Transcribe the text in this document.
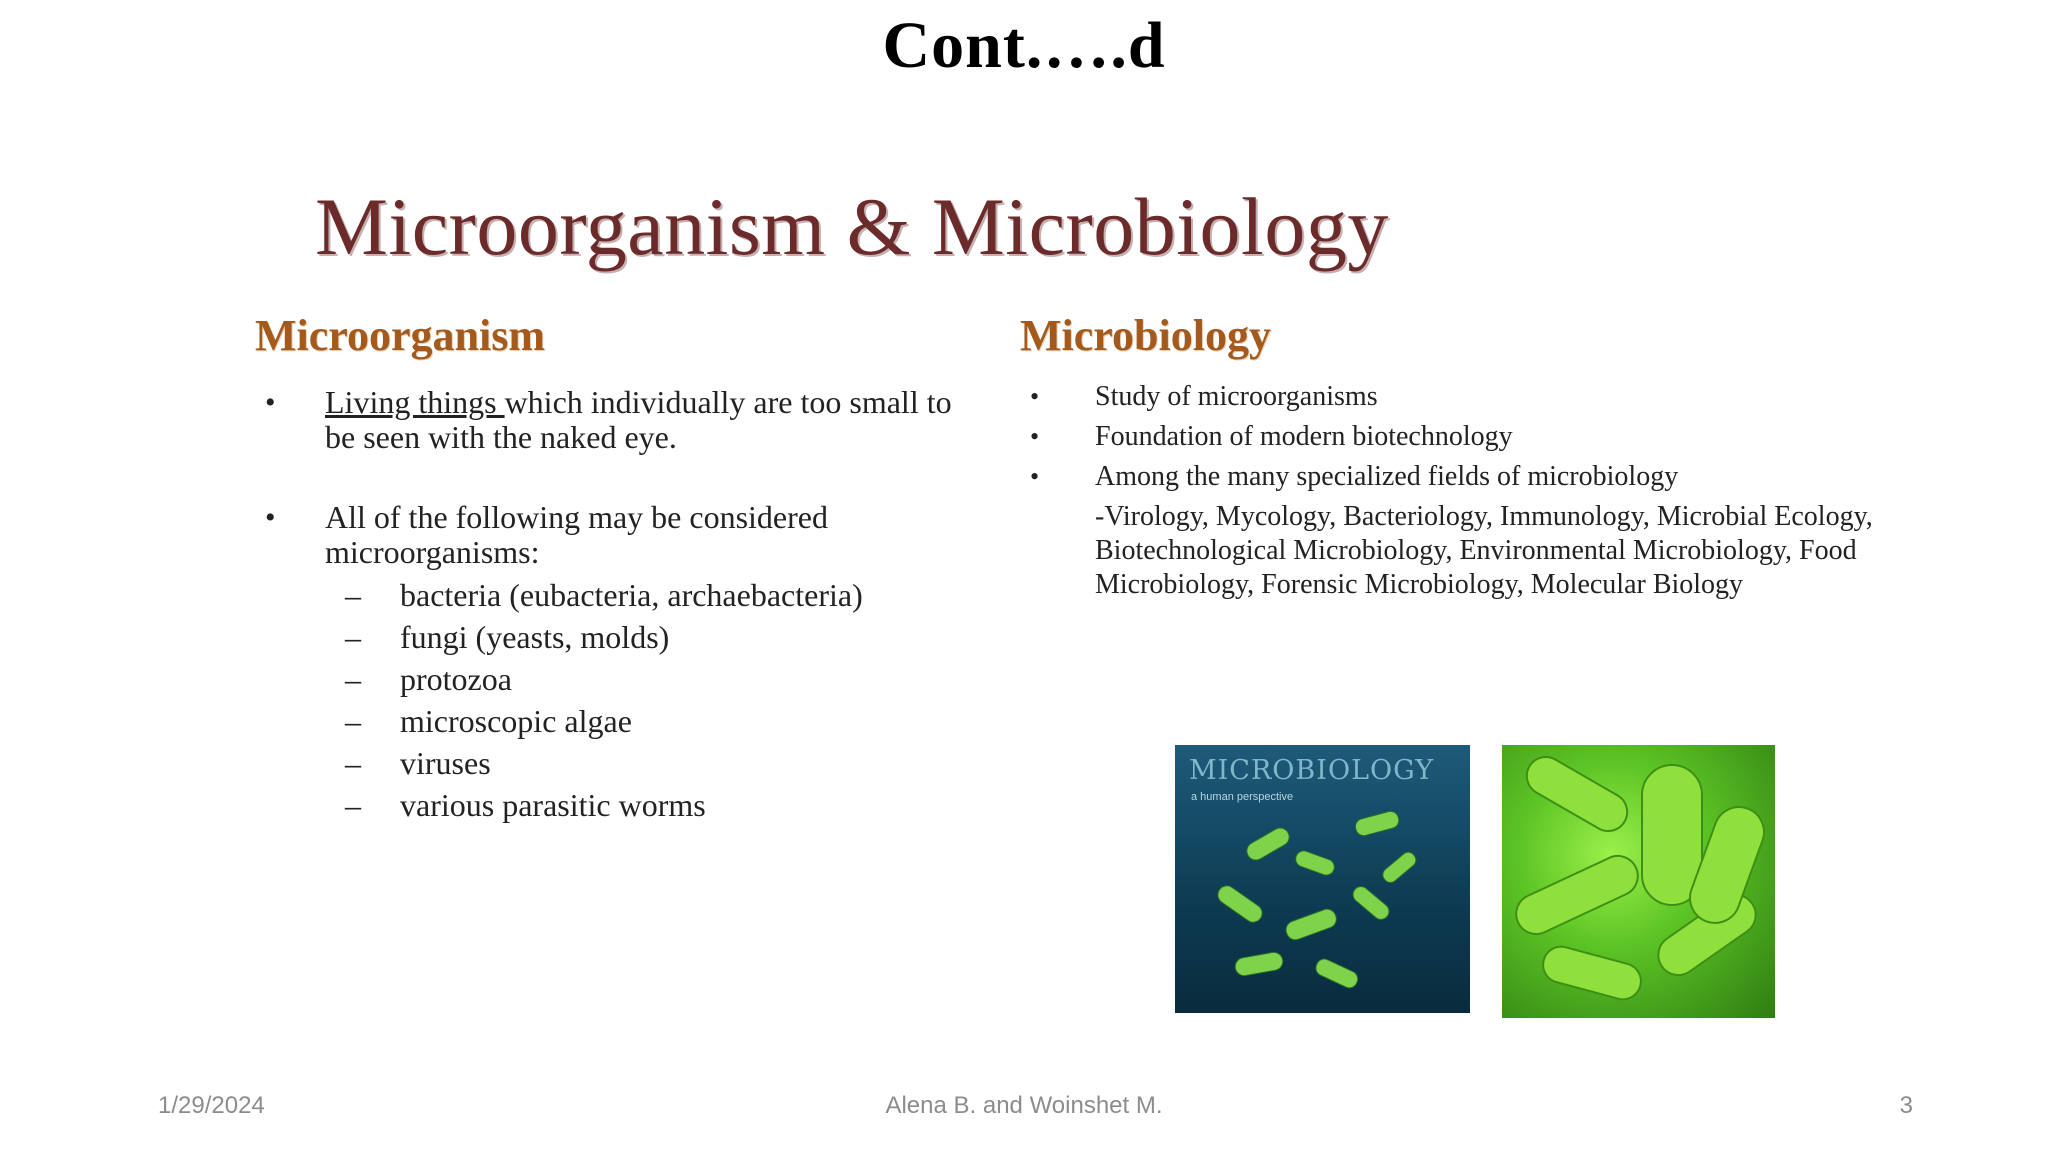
Cont.….d
Microorganism & Microbiology
Microorganism	Microbiology
• Living things which individually are too small to be seen with the naked eye.
• All of the following may be considered microorganisms:
– bacteria (eubacteria, archaebacteria)
– fungi (yeasts, molds)
– protozoa
– microscopic algae
– viruses
– various parasitic worms
• Study of microorganisms
• Foundation of modern biotechnology
• Among the many specialized fields of microbiology
-Virology, Mycology, Bacteriology, Immunology, Microbial Ecology, Biotechnological Microbiology, Environmental Microbiology, Food Microbiology, Forensic Microbiology, Molecular Biology
MICROBIOLOGY
a human perspective
1/29/2024	Alena B. and Woinshet M.	3
